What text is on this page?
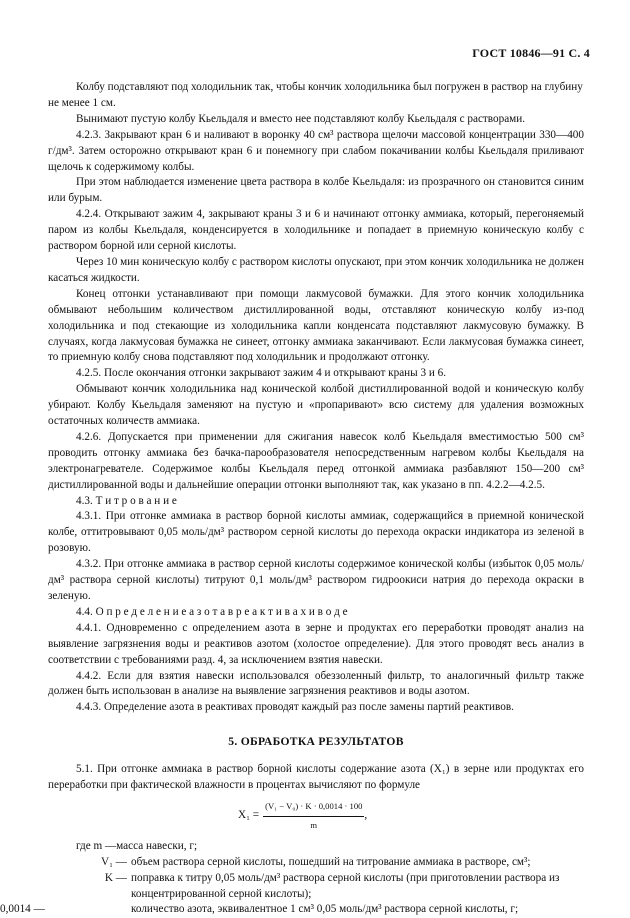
ГОСТ 10846—91 С. 4

Колбу подставляют под холодильник так, чтобы кончик холодильника был погружен в раствор на глубину не менее 1 см.

Вынимают пустую колбу Кьельдаля и вместо нее подставляют колбу Кьельдаля с растворами.

4.2.3. Закрывают кран 6 и наливают в воронку 40 см³ раствора щелочи массовой концентрации 330—400 г/дм³. Затем осторожно открывают кран 6 и понемногу при слабом покачивании колбы Кьельдаля приливают щелочь к содержимому колбы.

При этом наблюдается изменение цвета раствора в колбе Кьельдаля: из прозрачного он становится синим или бурым.

4.2.4. Открывают зажим 4, закрывают краны 3 и 6 и начинают отгонку аммиака, который, перегоняемый паром из колбы Кьельдаля, конденсируется в холодильнике и попадает в приемную коническую колбу с раствором борной или серной кислоты.

Через 10 мин коническую колбу с раствором кислоты опускают, при этом кончик холодильника не должен касаться жидкости.

Конец отгонки устанавливают при помощи лакмусовой бумажки. Для этого кончик холодильника обмывают небольшим количеством дистиллированной воды, отставляют коническую колбу из-под холодильника и под стекающие из холодильника капли конденсата подставляют лакмусовую бумажку. В случаях, когда лакмусовая бумажка не синеет, отгонку аммиака заканчивают. Если лакмусовая бумажка синеет, то приемную колбу снова подставляют под холодильник и продолжают отгонку.

4.2.5. После окончания отгонки закрывают зажим 4 и открывают краны 3 и 6.

Обмывают кончик холодильника над конической колбой дистиллированной водой и коническую колбу убирают. Колбу Кьельдаля заменяют на пустую и «пропаривают» всю систему для удаления возможных остаточных количеств аммиака.

4.2.6. Допускается при применении для сжигания навесок колб Кьельдаля вместимостью 500 см³ проводить отгонку аммиака без бачка-парообразователя непосредственным нагревом колбы Кьельдаля на электронагревателе. Содержимое колбы Кьельдаля перед отгонкой аммиака разбавляют 150—200 см³ дистиллированной воды и дальнейшие операции отгонки выполняют так, как указано в пп. 4.2.2—4.2.5.

4.3. Т и т р о в а н и е

4.3.1. При отгонке аммиака в раствор борной кислоты аммиак, содержащийся в приемной конической колбе, оттитровывают 0,05 моль/дм³ раствором серной кислоты до перехода окраски индикатора из зеленой в розовую.

4.3.2. При отгонке аммиака в раствор серной кислоты содержимое конической колбы (избыток 0,05 моль/дм³ раствора серной кислоты) титруют 0,1 моль/дм³ раствором гидроокиси натрия до перехода окраски в зеленую.

4.4. О п р е д е л е н и е а з о т а в р е а к т и в а х и в о д е

4.4.1. Одновременно с определением азота в зерне и продуктах его переработки проводят анализ на выявление загрязнения воды и реактивов азотом (холостое определение). Для этого проводят весь анализ в соответствии с требованиями разд. 4, за исключением взятия навески.

4.4.2. Если для взятия навески использовался обеззоленный фильтр, то аналогичный фильтр также должен быть использован в анализе на выявление загрязнения реактивов и воды азотом.

4.4.3. Определение азота в реактивах проводят каждый раз после замены партий реактивов.

5. ОБРАБОТКА РЕЗУЛЬТАТОВ

5.1. При отгонке аммиака в раствор борной кислоты содержание азота (X₁) в зерне или продуктах его переработки при фактической влажности в процентах вычисляют по формуле

$X_1 = \frac{\text{(V₁ − V₀) · K · 0,0014 · 100}}{m}$ ,
где m — масса навески, г;
V₁ — объем раствора серной кислоты, пошедший на титрование аммиака в растворе, см³;
K — поправка к титру 0,05 моль/дм³ раствора серной кислоты (при приготовлении раствора из концентрированной серной кислоты);
0,0014 —	количество азота, эквивалентное 1 см³ 0,05 моль/дм³ раствора серной кислоты, г;
